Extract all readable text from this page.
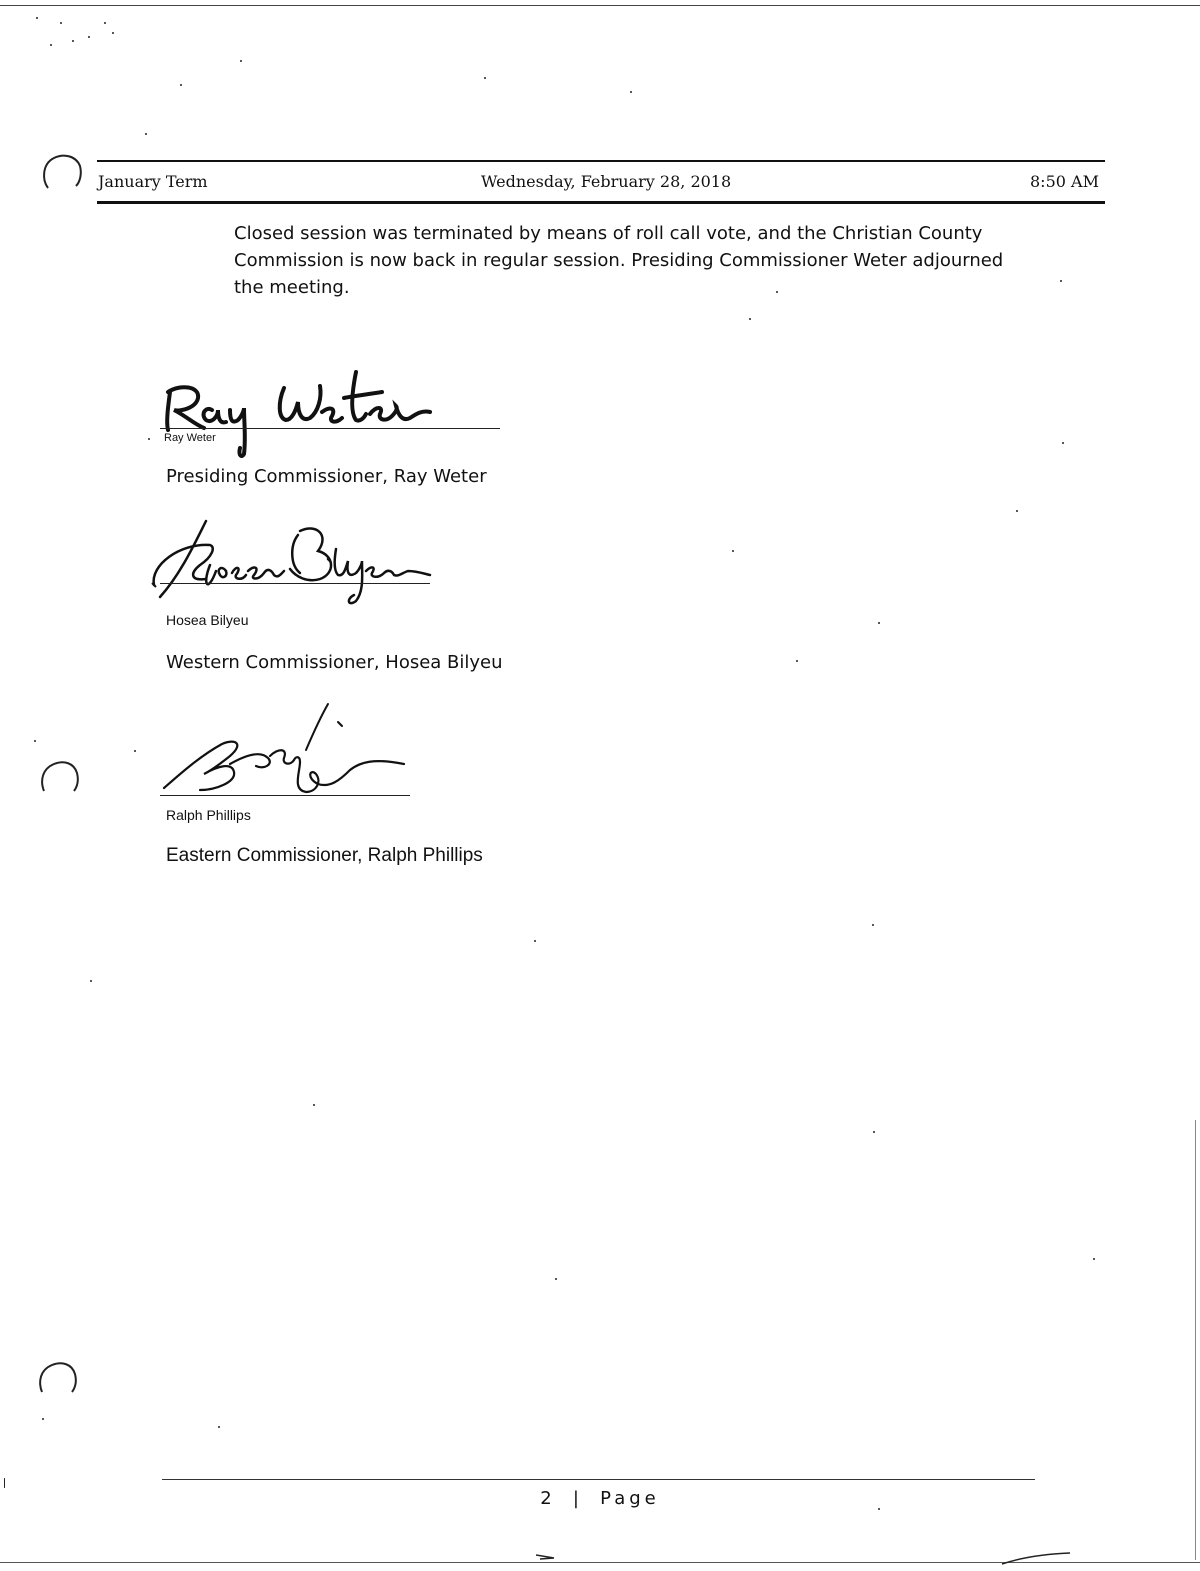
January Term	Wednesday, February 28, 2018	8:50 AM

Closed session was terminated by means of roll call vote, and the Christian County Commission is now back in regular session. Presiding Commissioner Weter adjourned the meeting.

Ray Weter
Presiding Commissioner, Ray Weter
Hosea Bilyeu
Western Commissioner, Hosea Bilyeu
Ralph Phillips
Eastern Commissioner, Ralph Phillips
2 | Page
